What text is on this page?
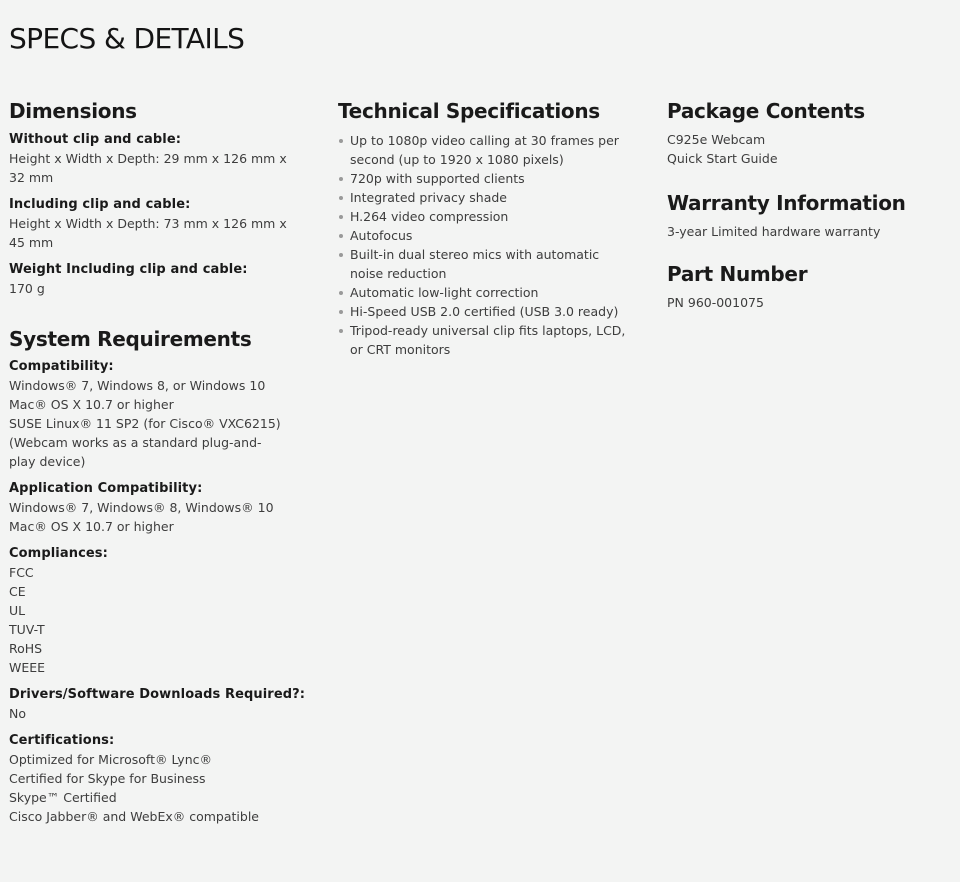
SPECS & DETAILS
Dimensions
Without clip and cable:
Height x Width x Depth: 29 mm x 126 mm x
32 mm
Including clip and cable:
Height x Width x Depth: 73 mm x 126 mm x
45 mm
Weight Including clip and cable:
170 g
System Requirements
Compatibility:
Windows® 7, Windows 8, or Windows 10
Mac® OS X 10.7 or higher
SUSE Linux® 11 SP2 (for Cisco® VXC6215)
(Webcam works as a standard plug-and-
play device)
Application Compatibility:
Windows® 7, Windows® 8, Windows® 10
Mac® OS X 10.7 or higher
Compliances:
FCC
CE
UL
TUV-T
RoHS
WEEE
Drivers/Software Downloads Required?:
No
Certifications:
Optimized for Microsoft® Lync®
Certified for Skype for Business
Skype™ Certified
Cisco Jabber® and WebEx® compatible
Technical Specifications
Up to 1080p video calling at 30 frames per second (up to 1920 x 1080 pixels)
720p with supported clients
Integrated privacy shade
H.264 video compression
Autofocus
Built-in dual stereo mics with automatic noise reduction
Automatic low-light correction
Hi-Speed USB 2.0 certified (USB 3.0 ready)
Tripod-ready universal clip fits laptops, LCD, or CRT monitors
Package Contents
C925e Webcam
Quick Start Guide
Warranty Information
3-year Limited hardware warranty
Part Number
PN 960-001075
